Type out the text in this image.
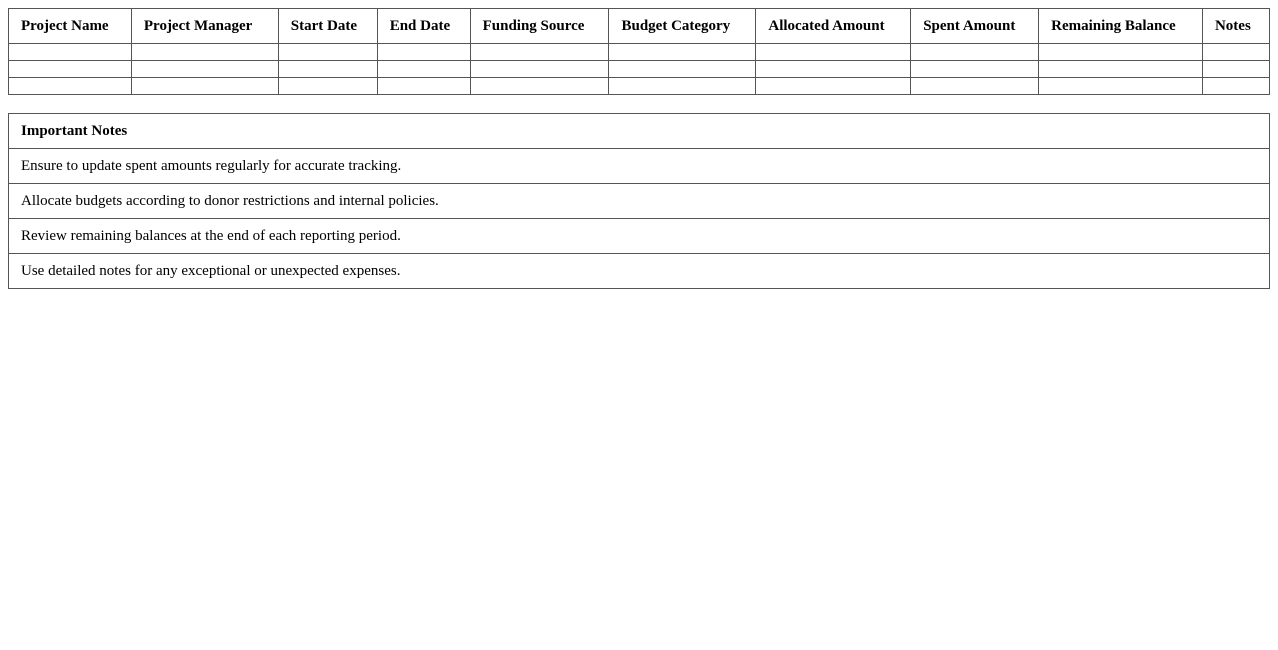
Project Name	Project Manager	Start Date	End Date	Funding Source	Budget Category	Allocated Amount	Spent Amount	Remaining Balance	Notes

Important Notes
Ensure to update spent amounts regularly for accurate tracking.
Allocate budgets according to donor restrictions and internal policies.
Review remaining balances at the end of each reporting period.
Use detailed notes for any exceptional or unexpected expenses.
